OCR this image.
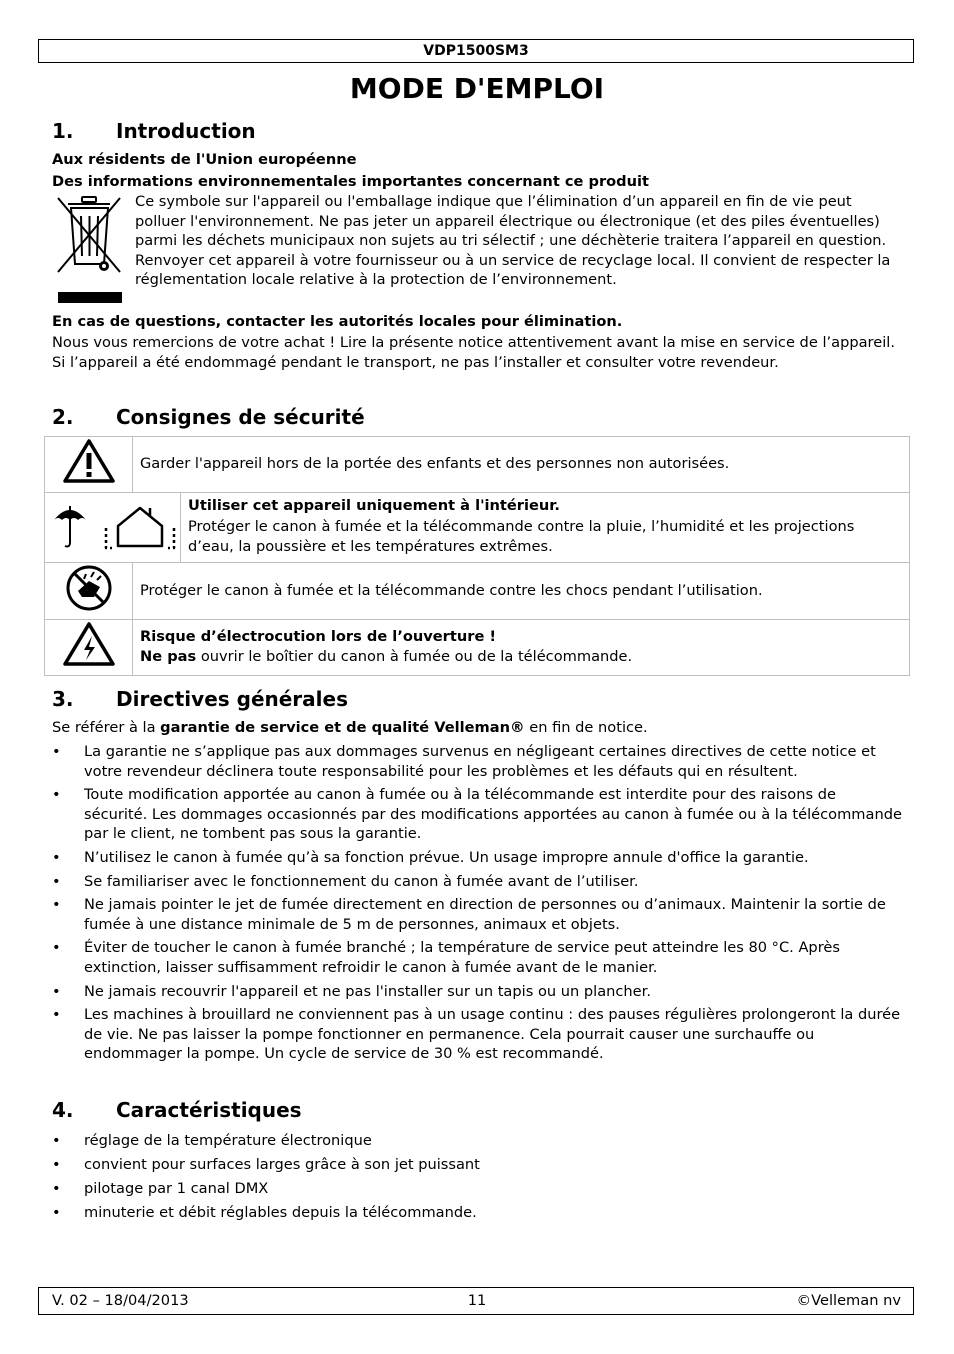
VDP1500SM3
MODE D'EMPLOI
1. Introduction
Aux résidents de l'Union européenne
Des informations environnementales importantes concernant ce produit
Ce symbole sur l'appareil ou l'emballage indique que l’élimination d’un appareil en fin de vie peut polluer l'environnement. Ne pas jeter un appareil électrique ou électronique (et des piles éventuelles) parmi les déchets municipaux non sujets au tri sélectif ; une déchèterie traitera l’appareil en question. Renvoyer cet appareil à votre fournisseur ou à un service de recyclage local. Il convient de respecter la réglementation locale relative à la protection de l’environnement.
En cas de questions, contacter les autorités locales pour élimination.
Nous vous remercions de votre achat ! Lire la présente notice attentivement avant la mise en service de l’appareil. Si l’appareil a été endommagé pendant le transport, ne pas l’installer et consulter votre revendeur.
2. Consignes de sécurité
	Garder l'appareil hors de la portée des enfants et des personnes non autorisées.	

Utiliser cet appareil uniquement à l'intérieur.
Protéger le canon à fumée et la télécommande contre la pluie, l’humidité et les projections d’eau, la poussière et les températures extrêmes.

	Protéger le canon à fumée et la télécommande contre les chocs pendant l’utilisation.	

Risque d’électrocution lors de l’ouverture !
Ne pas ouvrir le boîtier du canon à fumée ou de la télécommande.	
3. Directives générales
Se référer à la garantie de service et de qualité Velleman® en fin de notice.
• La garantie ne s’applique pas aux dommages survenus en négligeant certaines directives de cette notice et votre revendeur déclinera toute responsabilité pour les problèmes et les défauts qui en résultent.
• Toute modification apportée au canon à fumée ou à la télécommande est interdite pour des raisons de sécurité. Les dommages occasionnés par des modifications apportées au canon à fumée ou à la télécommande par le client, ne tombent pas sous la garantie.
• N’utilisez le canon à fumée qu’à sa fonction prévue. Un usage impropre annule d'office la garantie.
• Se familiariser avec le fonctionnement du canon à fumée avant de l’utiliser.
• Ne jamais pointer le jet de fumée directement en direction de personnes ou d’animaux. Maintenir la sortie de fumée à une distance minimale de 5 m de personnes, animaux et objets.
• Éviter de toucher le canon à fumée branché ; la température de service peut atteindre les 80 °C. Après extinction, laisser suffisamment refroidir le canon à fumée avant de le manier.
• Ne jamais recouvrir l'appareil et ne pas l'installer sur un tapis ou un plancher.
• Les machines à brouillard ne conviennent pas à un usage continu : des pauses régulières prolongeront la durée de vie. Ne pas laisser la pompe fonctionner en permanence. Cela pourrait causer une surchauffe ou endommager la pompe. Un cycle de service de 30 % est recommandé.
4. Caractéristiques
• réglage de la température électronique
• convient pour surfaces larges grâce à son jet puissant
• pilotage par 1 canal DMX
• minuterie et débit réglables depuis la télécommande.
V. 02 – 18/04/2013	11	©Velleman nv
